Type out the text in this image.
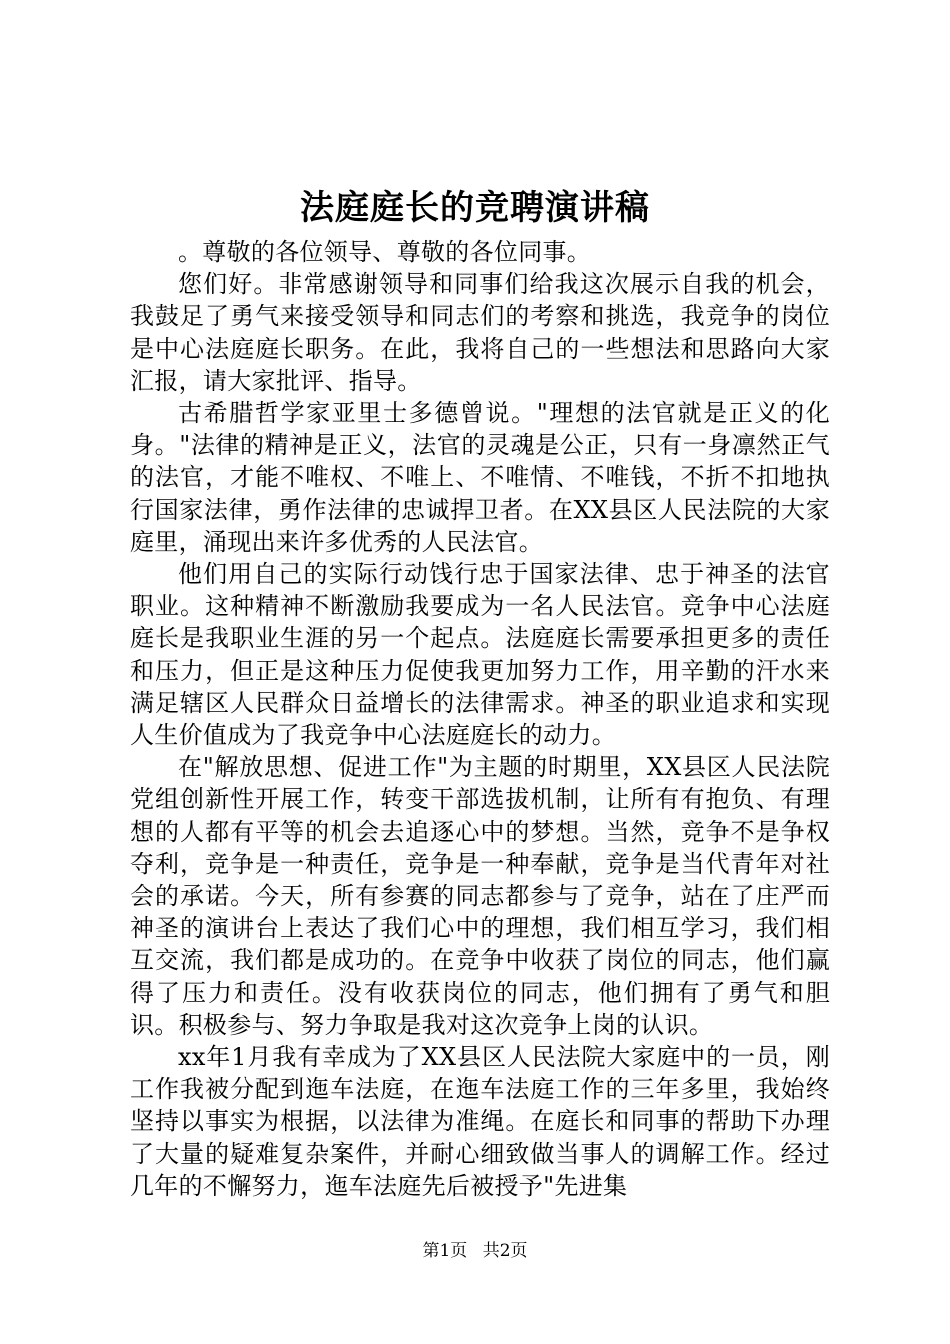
法庭庭长的竞聘演讲稿

。尊敬的各位领导、尊敬的各位同事。

您们好。非常感谢领导和同事们给我这次展示自我的机会，我鼓足了勇气来接受领导和同志们的考察和挑选，我竞争的岗位是中心法庭庭长职务。在此，我将自己的一些想法和思路向大家汇报，请大家批评、指导。

古希腊哲学家亚里士多德曾说。"理想的法官就是正义的化身。"法律的精神是正义，法官的灵魂是公正，只有一身凛然正气的法官，才能不唯权、不唯上、不唯情、不唯钱，不折不扣地执行国家法律，勇作法律的忠诚捍卫者。在XX县区人民法院的大家庭里，涌现出来许多优秀的人民法官。

他们用自己的实际行动饯行忠于国家法律、忠于神圣的法官职业。这种精神不断激励我要成为一名人民法官。竞争中心法庭庭长是我职业生涯的另一个起点。法庭庭长需要承担更多的责任和压力，但正是这种压力促使我更加努力工作，用辛勤的汗水来满足辖区人民群众日益增长的法律需求。神圣的职业追求和实现人生价值成为了我竞争中心法庭庭长的动力。

在"解放思想、促进工作"为主题的时期里，XX县区人民法院党组创新性开展工作，转变干部选拔机制，让所有有抱负、有理想的人都有平等的机会去追逐心中的梦想。当然，竞争不是争权夺利，竞争是一种责任，竞争是一种奉献，竞争是当代青年对社会的承诺。今天，所有参赛的同志都参与了竞争，站在了庄严而神圣的演讲台上表达了我们心中的理想，我们相互学习，我们相互交流，我们都是成功的。在竞争中收获了岗位的同志，他们赢得了压力和责任。没有收获岗位的同志，他们拥有了勇气和胆识。积极参与、努力争取是我对这次竞争上岗的认识。

xx年1月我有幸成为了XX县区人民法院大家庭中的一员，刚工作我被分配到迤车法庭，在迤车法庭工作的三年多里，我始终坚持以事实为根据，以法律为准绳。在庭长和同事的帮助下办理了大量的疑难复杂案件，并耐心细致做当事人的调解工作。经过几年的不懈努力，迤车法庭先后被授予"先进集

第1页 共2页
